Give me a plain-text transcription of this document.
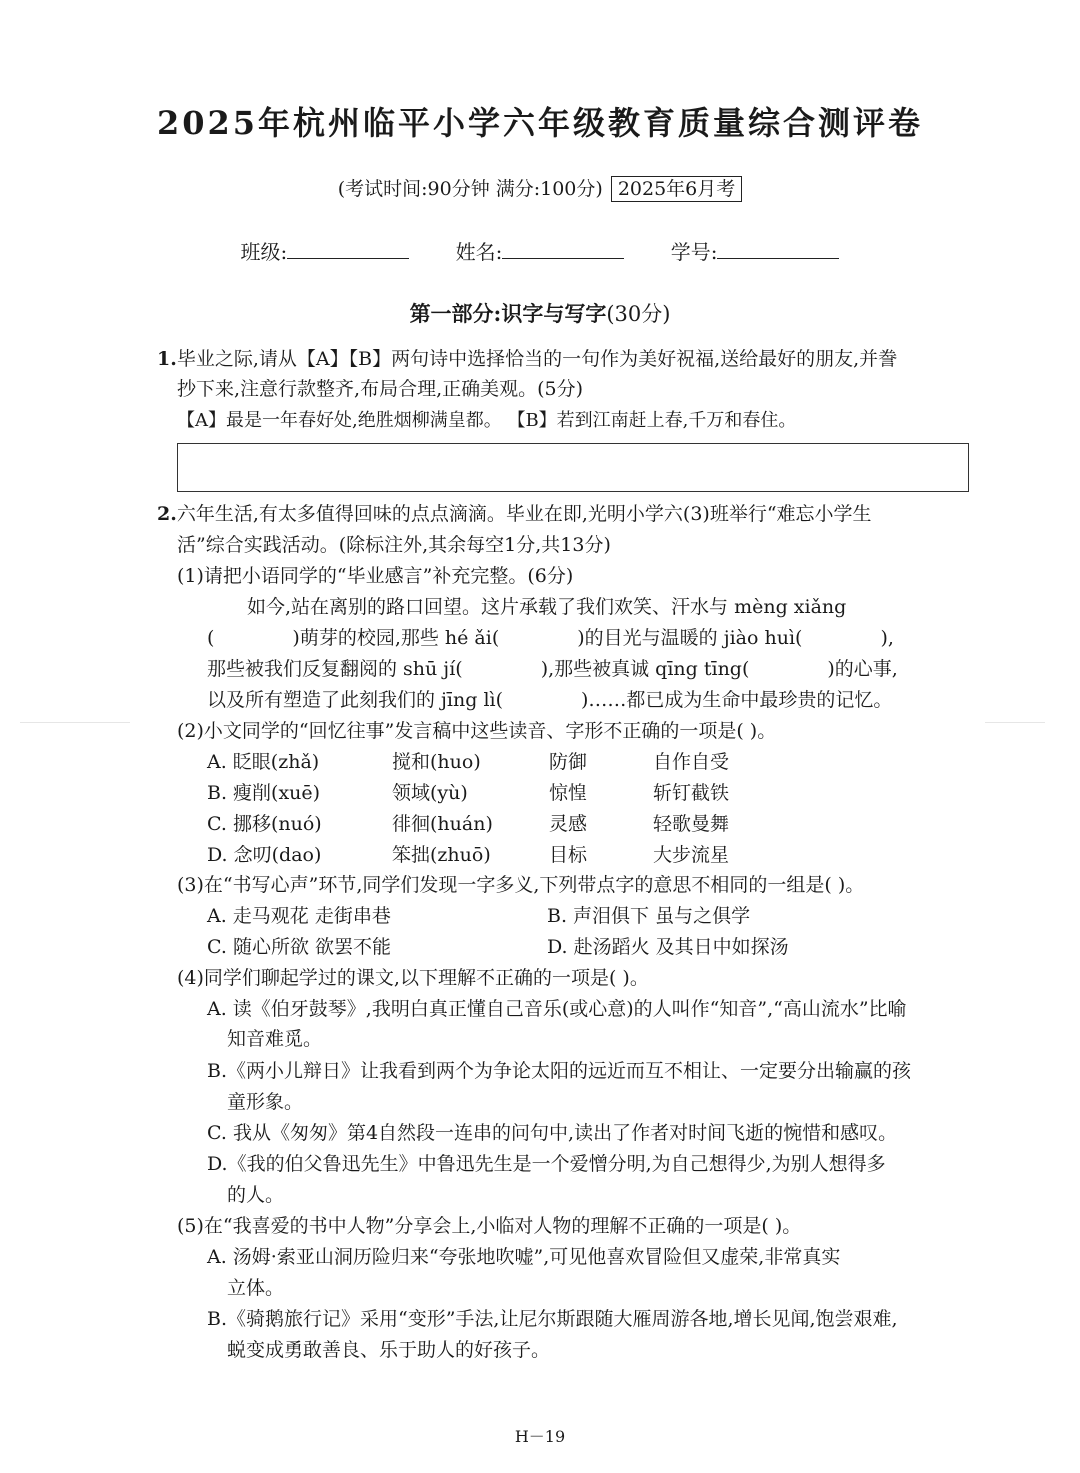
2025年杭州临平小学六年级教育质量综合测评卷
(考试时间:90分钟 满分:100分) 2025年6月考
班级:	姓名:	学号:
第一部分:识字与写字(30分)
1.毕业之际,请从【A】【B】两句诗中选择恰当的一句作为美好祝福,送给最好的朋友,并誊
抄下来,注意行款整齐,布局合理,正确美观。(5分)
【A】最是一年春好处,绝胜烟柳满皇都。 【B】若到江南赶上春,千万和春住。
2.六年生活,有太多值得回味的点点滴滴。毕业在即,光明小学六(3)班举行“难忘小学生
活”综合实践活动。(除标注外,其余每空1分,共13分)
(1)请把小语同学的“毕业感言”补充完整。(6分)
如今,站在离别的路口回望。这片承载了我们欢笑、汗水与 mèng xiǎng
(	)萌芽的校园,那些 hé ǎi(	)的目光与温暖的 jiào huì(	),
那些被我们反复翻阅的 shū jí(	),那些被真诚 qīng tīng(	)的心事,
以及所有塑造了此刻我们的 jīng lì(	)……都已成为生命中最珍贵的记忆。
(2)小文同学的“回忆往事”发言稿中这些读音、字形不正确的一项是( )。
A. 眨眼(zhǎ)	搅和(huo)	防御	自作自受
B. 瘦削(xuē)	领域(yù)	惊惶	斩钉截铁
C. 挪移(nuó)	徘徊(huán)	灵感	轻歌曼舞
D. 念叨(dao)	笨拙(zhuō)	目标	大步流星
(3)在“书写心声”环节,同学们发现一字多义,下列带点字的意思不相同的一组是( )。
A. 走马观花 走街串巷	B. 声泪俱下 虽与之俱学
C. 随心所欲 欲罢不能	D. 赴汤蹈火 及其日中如探汤
(4)同学们聊起学过的课文,以下理解不正确的一项是( )。
A. 读《伯牙鼓琴》,我明白真正懂自己音乐(或心意)的人叫作“知音”,“高山流水”比喻
知音难觅。
B.《两小儿辩日》让我看到两个为争论太阳的远近而互不相让、一定要分出输赢的孩
童形象。
C. 我从《匆匆》第4自然段一连串的问句中,读出了作者对时间飞逝的惋惜和感叹。
D.《我的伯父鲁迅先生》中鲁迅先生是一个爱憎分明,为自己想得少,为别人想得多
的人。
(5)在“我喜爱的书中人物”分享会上,小临对人物的理解不正确的一项是( )。
A. 汤姆·索亚山洞历险归来“夸张地吹嘘”,可见他喜欢冒险但又虚荣,非常真实
立体。
B.《骑鹅旅行记》采用“变形”手法,让尼尔斯跟随大雁周游各地,增长见闻,饱尝艰难,
蜕变成勇敢善良、乐于助人的好孩子。
H－19
